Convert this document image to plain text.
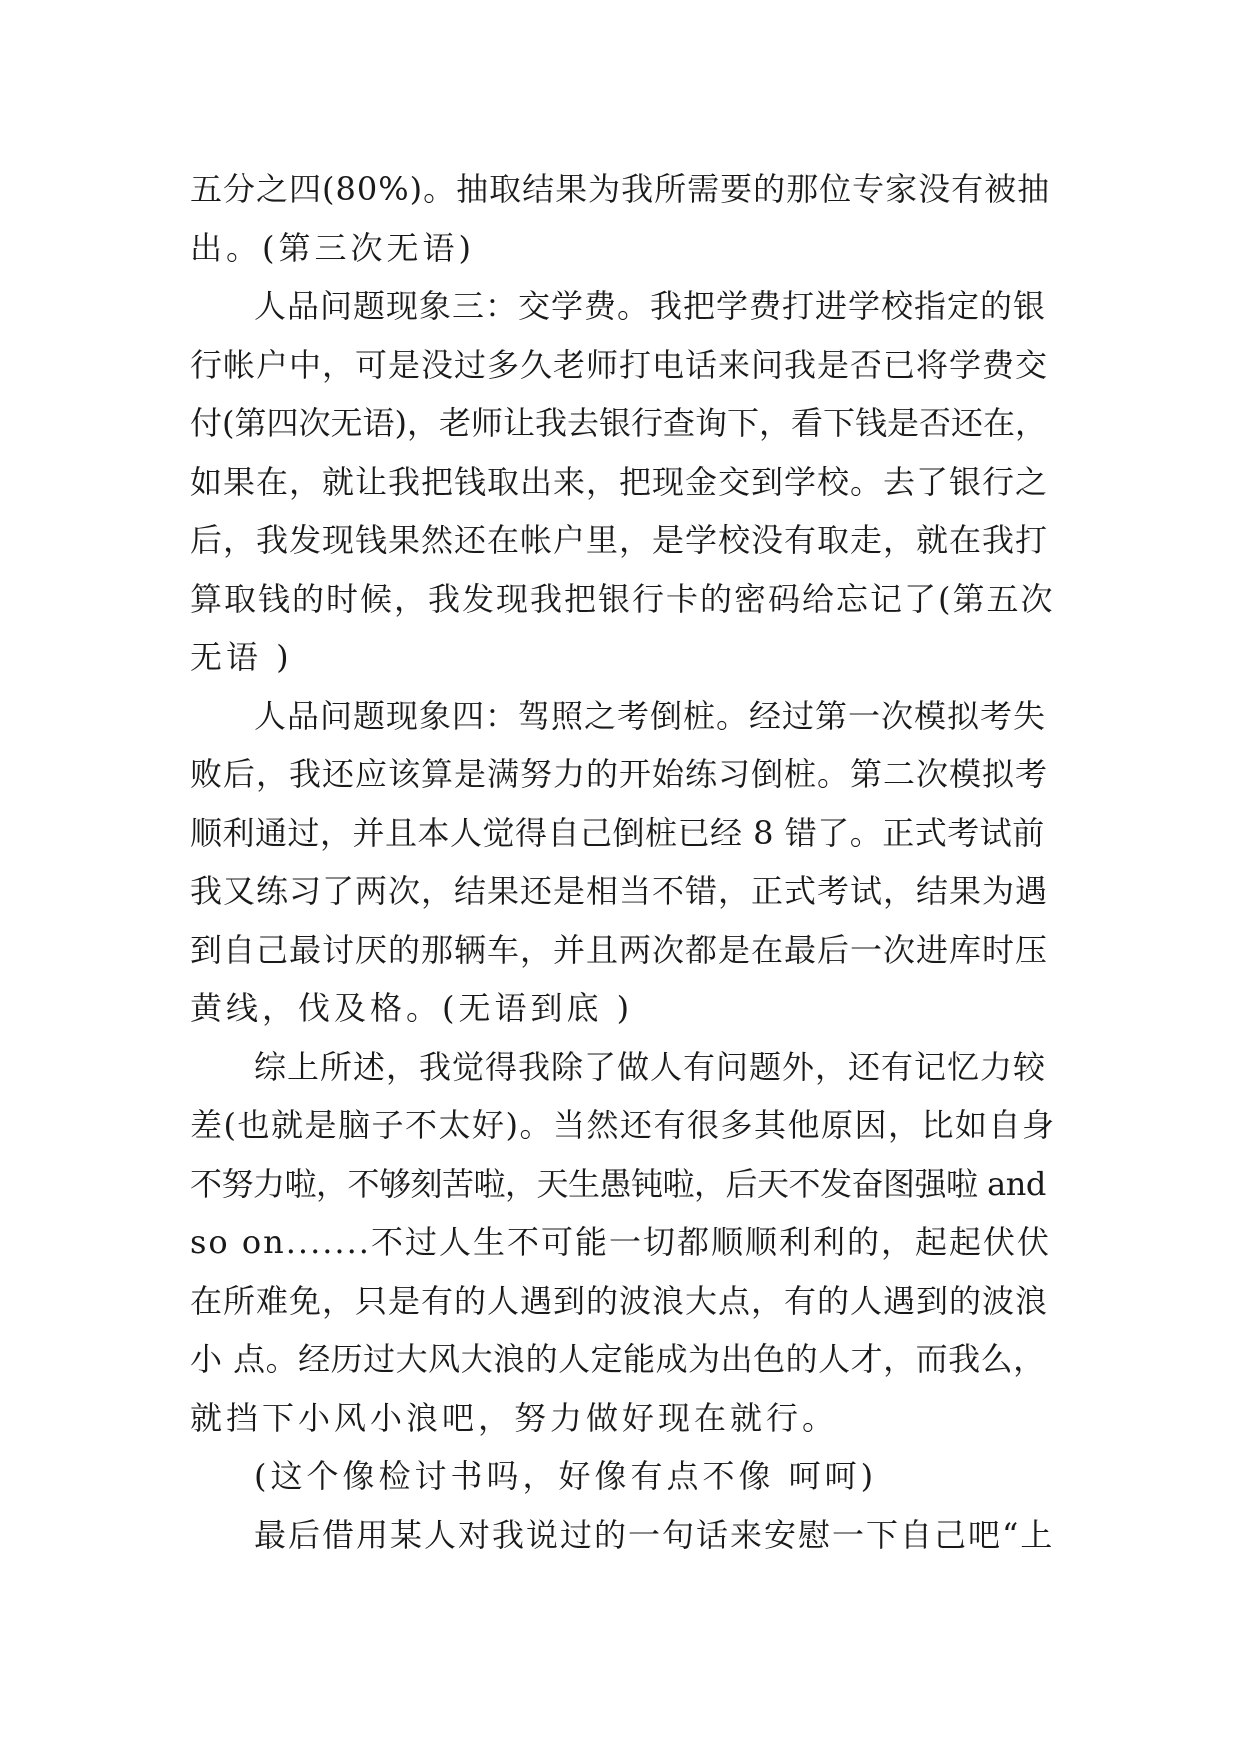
五分之四(80%)。抽取结果为我所需要的那位专家没有被抽
出。(第三次无语)
人品问题现象三：交学费。我把学费打进学校指定的银
行帐户中，可是没过多久老师打电话来问我是否已将学费交
付(第四次无语)，老师让我去银行查询下，看下钱是否还在，
如果在，就让我把钱取出来，把现金交到学校。去了银行之
后，我发现钱果然还在帐户里，是学校没有取走，就在我打
算取钱的时候，我发现我把银行卡的密码给忘记了(第五次
无语 )
人品问题现象四：驾照之考倒桩。经过第一次模拟考失
败后，我还应该算是满努力的开始练习倒桩。第二次模拟考
顺利通过，并且本人觉得自己倒桩已经 8 错了。正式考试前
我又练习了两次，结果还是相当不错，正式考试，结果为遇
到自己最讨厌的那辆车，并且两次都是在最后一次进库时压
黄线，伐及格。(无语到底 )
综上所述，我觉得我除了做人有问题外，还有记忆力较
差(也就是脑子不太好)。当然还有很多其他原因，比如自身
不努力啦，不够刻苦啦，天生愚钝啦，后天不发奋图强啦 and
so on.......不过人生不可能一切都顺顺利利的，起起伏伏
在所难免，只是有的人遇到的波浪大点，有的人遇到的波浪
小 点。经历过大风大浪的人定能成为出色的人才，而我么，
就挡下小风小浪吧，努力做好现在就行。
(这个像检讨书吗，好像有点不像 呵呵)
最后借用某人对我说过的一句话来安慰一下自己吧“上
